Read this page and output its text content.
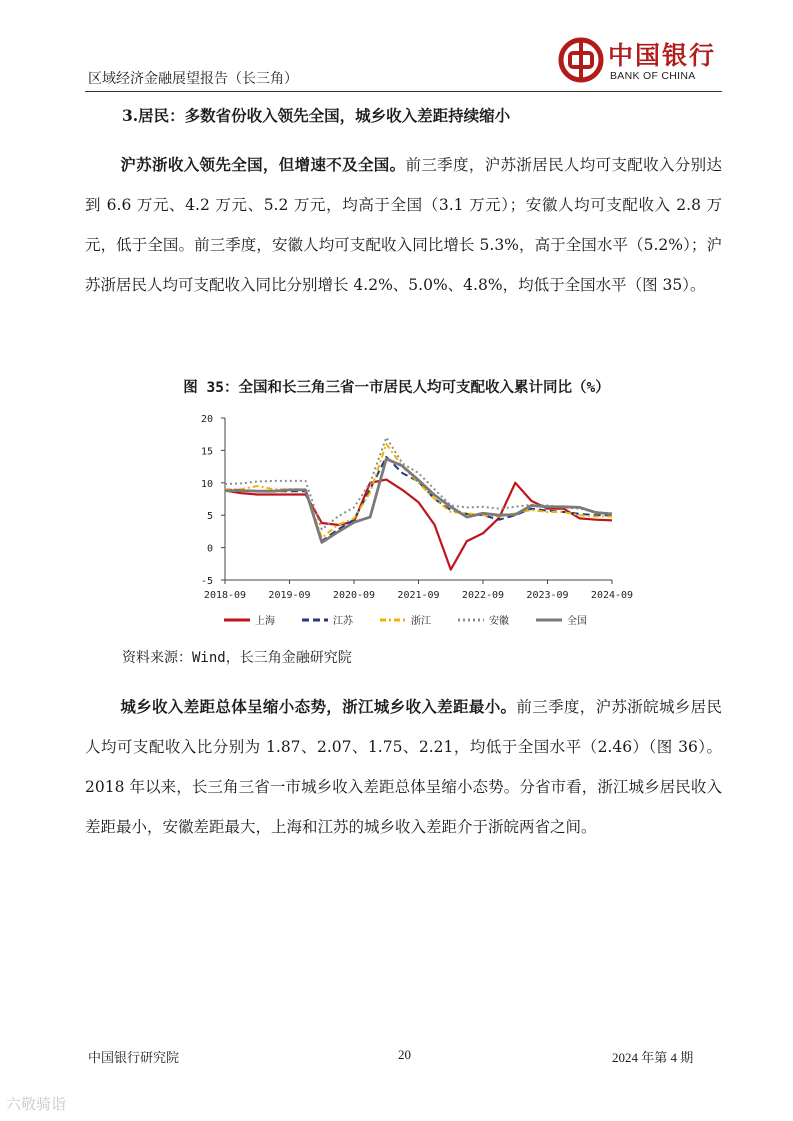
区域经济金融展望报告（长三角）
中国银行
BANK OF CHINA
3.居民：多数省份收入领先全国，城乡收入差距持续缩小

沪苏浙收入领先全国，但增速不及全国。前三季度，沪苏浙居民人均可支配收入分别达到 6.6 万元、4.2 万元、5.2 万元，均高于全国（3.1 万元）；安徽人均可支配收入 2.8 万元，低于全国。前三季度，安徽人均可支配收入同比增长 5.3%，高于全国水平（5.2%）；沪苏浙居民人均可支配收入同比分别增长 4.2%、5.0%、4.8%，均低于全国水平（图 35）。

图 35：全国和长三角三省一市居民人均可支配收入累计同比（%）
-5
0
5
10
15
20
2018-09 2019-09 2020-09 2021-09 2022-09 2023-09 2024-09
上海	江苏	浙江	安徽	全国
资料来源：Wind，长三角金融研究院

城乡收入差距总体呈缩小态势，浙江城乡收入差距最小。前三季度，沪苏浙皖城乡居民人均可支配收入比分别为 1.87、2.07、1.75、2.21，均低于全国水平（2.46）（图 36）。2018 年以来，长三角三省一市城乡收入差距总体呈缩小态势。分省市看，浙江城乡居民收入差距最小，安徽差距最大，上海和江苏的城乡收入差距介于浙皖两省之间。

中国银行研究院	20	2024 年第 4 期
六敬骑诣
